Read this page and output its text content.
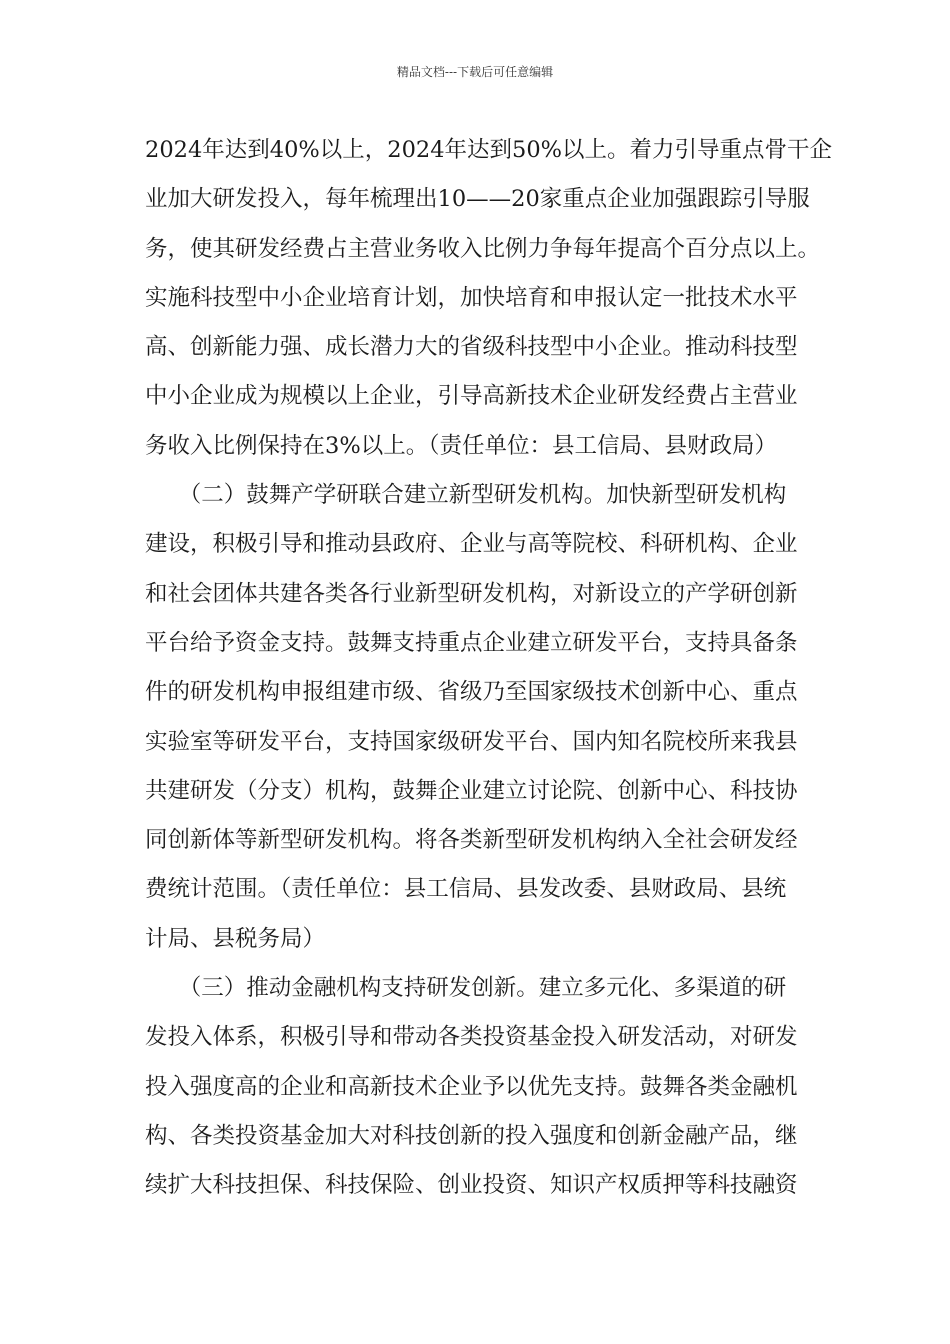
精品文档---下载后可任意编辑
2024年达到40%以上，2024年达到50%以上。着力引导重点骨干企
业加大研发投入，每年梳理出10——20家重点企业加强跟踪引导服
务，使其研发经费占主营业务收入比例力争每年提高个百分点以上。
实施科技型中小企业培育计划，加快培育和申报认定一批技术水平
高、创新能力强、成长潜力大的省级科技型中小企业。推动科技型
中小企业成为规模以上企业，引导高新技术企业研发经费占主营业
务收入比例保持在3%以上。（责任单位：县工信局、县财政局）
　　（二）鼓舞产学研联合建立新型研发机构。加快新型研发机构
建设，积极引导和推动县政府、企业与高等院校、科研机构、企业
和社会团体共建各类各行业新型研发机构，对新设立的产学研创新
平台给予资金支持。鼓舞支持重点企业建立研发平台，支持具备条
件的研发机构申报组建市级、省级乃至国家级技术创新中心、重点
实验室等研发平台，支持国家级研发平台、国内知名院校所来我县
共建研发（分支）机构，鼓舞企业建立讨论院、创新中心、科技协
同创新体等新型研发机构。将各类新型研发机构纳入全社会研发经
费统计范围。（责任单位：县工信局、县发改委、县财政局、县统
计局、县税务局）
　　（三）推动金融机构支持研发创新。建立多元化、多渠道的研
发投入体系，积极引导和带动各类投资基金投入研发活动，对研发
投入强度高的企业和高新技术企业予以优先支持。鼓舞各类金融机
构、各类投资基金加大对科技创新的投入强度和创新金融产品，继
续扩大科技担保、科技保险、创业投资、知识产权质押等科技融资
